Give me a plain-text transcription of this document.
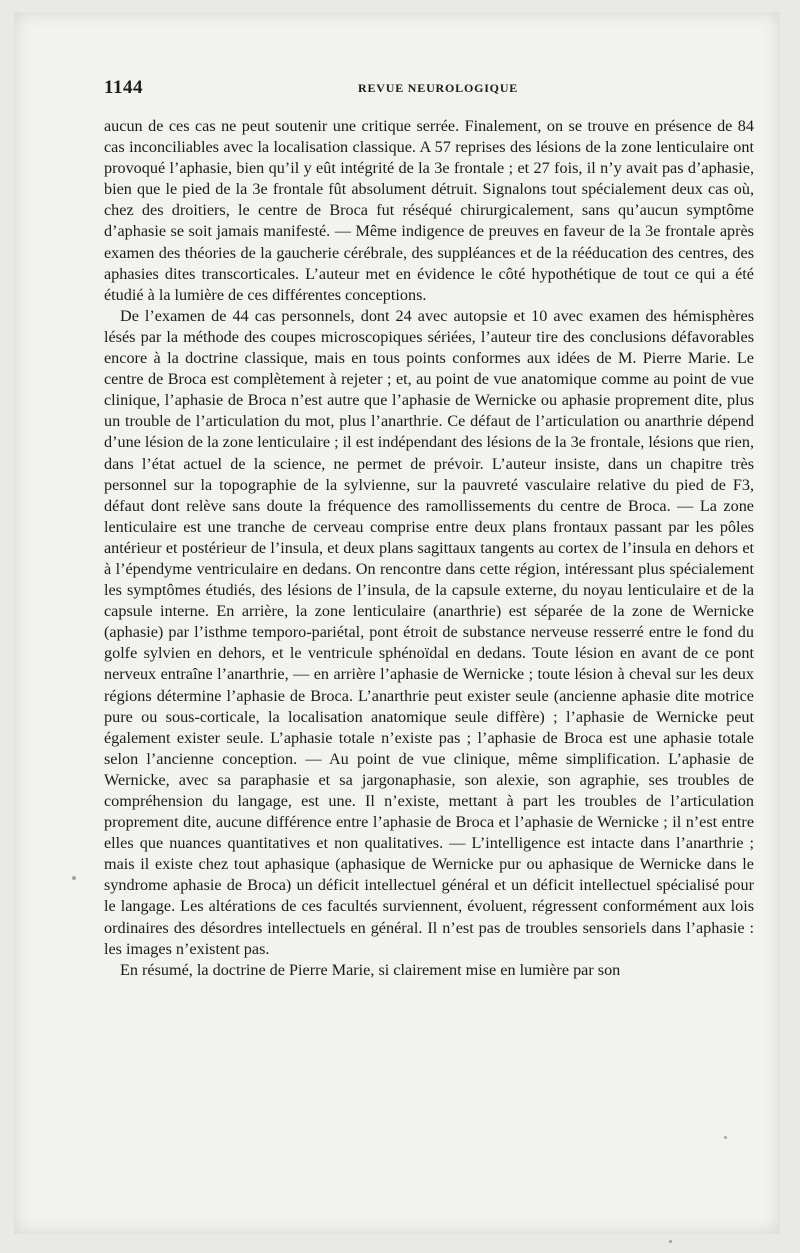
1144	REVUE NEUROLOGIQUE

aucun de ces cas ne peut soutenir une critique serrée. Finalement, on se trouve en présence de 84 cas inconciliables avec la localisation classique. A 57 reprises des lésions de la zone lenticulaire ont provoqué l’aphasie, bien qu’il y eût intégrité de la 3e frontale ; et 27 fois, il n’y avait pas d’aphasie, bien que le pied de la 3e frontale fût absolument détruit. Signalons tout spécialement deux cas où, chez des droitiers, le centre de Broca fut réséqué chirurgicalement, sans qu’aucun symptôme d’aphasie se soit jamais manifesté. — Même indigence de preuves en faveur de la 3e frontale après examen des théories de la gaucherie cérébrale, des suppléances et de la rééducation des centres, des aphasies dites transcorticales. L’auteur met en évidence le côté hypothétique de tout ce qui a été étudié à la lumière de ces différentes conceptions.

De l’examen de 44 cas personnels, dont 24 avec autopsie et 10 avec examen des hémisphères lésés par la méthode des coupes microscopiques sériées, l’auteur tire des conclusions défavorables encore à la doctrine classique, mais en tous points conformes aux idées de M. Pierre Marie. Le centre de Broca est complètement à rejeter ; et, au point de vue anatomique comme au point de vue clinique, l’aphasie de Broca n’est autre que l’aphasie de Wernicke ou aphasie proprement dite, plus un trouble de l’articulation du mot, plus l’anarthrie. Ce défaut de l’articulation ou anarthrie dépend d’une lésion de la zone lenticulaire ; il est indépendant des lésions de la 3e frontale, lésions que rien, dans l’état actuel de la science, ne permet de prévoir. L’auteur insiste, dans un chapitre très personnel sur la topographie de la sylvienne, sur la pauvreté vasculaire relative du pied de F3, défaut dont relève sans doute la fréquence des ramollissements du centre de Broca. — La zone lenticulaire est une tranche de cerveau comprise entre deux plans frontaux passant par les pôles antérieur et postérieur de l’insula, et deux plans sagittaux tangents au cortex de l’insula en dehors et à l’épendyme ventriculaire en dedans. On rencontre dans cette région, intéressant plus spécialement les symptômes étudiés, des lésions de l’insula, de la capsule externe, du noyau lenticulaire et de la capsule interne. En arrière, la zone lenticulaire (anarthrie) est séparée de la zone de Wernicke (aphasie) par l’isthme temporo-pariétal, pont étroit de substance nerveuse resserré entre le fond du golfe sylvien en dehors, et le ventricule sphénoïdal en dedans. Toute lésion en avant de ce pont nerveux entraîne l’anarthrie, — en arrière l’aphasie de Wernicke ; toute lésion à cheval sur les deux régions détermine l’aphasie de Broca. L’anarthrie peut exister seule (ancienne aphasie dite motrice pure ou sous-corticale, la localisation anatomique seule diffère) ; l’aphasie de Wernicke peut également exister seule. L’aphasie totale n’existe pas ; l’aphasie de Broca est une aphasie totale selon l’ancienne conception. — Au point de vue clinique, même simplification. L’aphasie de Wernicke, avec sa paraphasie et sa jargonaphasie, son alexie, son agraphie, ses troubles de compréhension du langage, est une. Il n’existe, mettant à part les troubles de l’articulation proprement dite, aucune différence entre l’aphasie de Broca et l’aphasie de Wernicke ; il n’est entre elles que nuances quantitatives et non qualitatives. — L’intelligence est intacte dans l’anarthrie ; mais il existe chez tout aphasique (aphasique de Wernicke pur ou aphasique de Wernicke dans le syndrome aphasie de Broca) un déficit intellectuel général et un déficit intellectuel spécialisé pour le langage. Les altérations de ces facultés surviennent, évoluent, régressent conformément aux lois ordinaires des désordres intellectuels en général. Il n’est pas de troubles sensoriels dans l’aphasie : les images n’existent pas.

En résumé, la doctrine de Pierre Marie, si clairement mise en lumière par son
